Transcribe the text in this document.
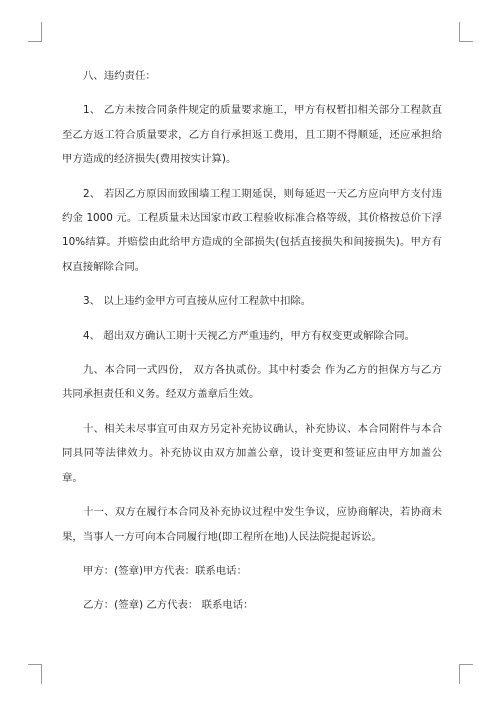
八、违约责任：

1、 乙方未按合同条件规定的质量要求施工，甲方有权暂扣相关部分工程款直至乙方返工符合质量要求，乙方自行承担返工费用，且工期不得顺延，还应承担给甲方造成的经济损失(费用按实计算)。

2、 若因乙方原因而致围墙工程工期延误，则每延迟一天乙方应向甲方支付违约金 1000 元。工程质量未达国家市政工程验收标准合格等级，其价格按总价下浮 10%结算。并赔偿由此给甲方造成的全部损失(包括直接损失和间接损失)。甲方有权直接解除合同。

3、 以上违约金甲方可直接从应付工程款中扣除。

4、 超出双方确认工期十天视乙方严重违约，甲方有权变更或解除合同。

九、本合同一式四份， 双方各执贰份。其中村委会 作为乙方的担保方与乙方共同承担责任和义务。经双方盖章后生效。

十、相关未尽事宜可由双方另定补充协议确认，补充协议、本合同附件与本合同具同等法律效力。补充协议由双方加盖公章，设计变更和签证应由甲方加盖公章。

十一、双方在履行本合同及补充协议过程中发生争议，应协商解决，若协商未果，当事人一方可向本合同履行地(即工程所在地)人民法院提起诉讼。

甲方：(签章)甲方代表：联系电话：

乙方：(签章) 乙方代表： 联系电话：
